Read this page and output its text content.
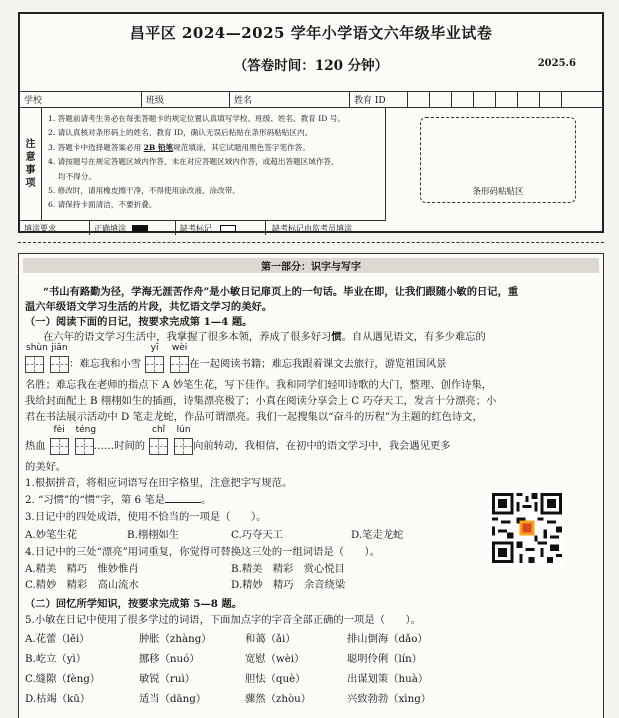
昌平区 2024—2025 学年小学语文六年级毕业试卷
（答卷时间：120 分钟）	2025.6
学校	班级	姓名	教育 ID
注
意
事
项
1. 答题前请考生务必在每张答题卡的规定位置认真填写学校、班级、姓名、教育 ID 号。
2. 请认真核对条形码上的姓名、教育 ID，确认无误后粘贴在条形码粘贴区内。
3. 答题卡中选择题答案必用 2B 铅笔规范填涂，其它试题用黑色签字笔作答。
4. 请按题号在规定答题区域内作答，未在对应答题区域内作答，或超出答题区域作答，
均不得分。
5. 修改时，请用橡皮擦干净，不得使用涂改液、涂改带。
6. 请保持卡面清洁，不要折叠。
条形码粘贴区
填涂要求	正确填涂	缺考标记	缺考标记由监考员填涂
第一部分：识字与写字
“书山有路勤为径，学海无涯苦作舟”是小敏日记扉页上的一句话。毕业在即，让我们跟随小敏的日记，重
温六年级语文学习生活的片段，共忆语文学习的美好。
（一）阅读下面的日记，按要求完成第 1—4 题。
在六年的语文学习生活中，我掌握了很多本领，养成了很多好习惯。自从遇见语文，有多少难忘的
shùn jiān
：难忘我和小雪
yī	wèi
在一起阅读书籍；难忘我跟着课文去旅行，游览祖国风景
名胜；难忘我在老师的指点下 A 妙笔生花，写下佳作。我和同学们轻叩诗歌的大门，整理、创作诗集，
我给封面配上 B 栩栩如生的插画，诗集漂亮极了；小真在阅读分享会上 C 巧夺天工，发言十分漂亮；小
君在书法展示活动中 D 笔走龙蛇，作品可谓漂亮。我们一起搜集以“奋斗的历程”为主题的红色诗文，
热血
fèi	téng
……时间的
chǐ lún
向前转动，我相信，在初中的语文学习中，我会遇见更多
的美好。
1.根据拼音，将相应词语写在田字格里，注意把字写规范。
2. “习惯”的“惯”字，第 6 笔是	。
3.日记中的四处成语，使用不恰当的一项是（　　）。
A.妙笔生花	B.栩栩如生	C.巧夺天工	D.笔走龙蛇
4.日记中的三处“漂亮”用词重复，你觉得可替换这三处的一组词语是（　　）。
A.精美　精巧　惟妙惟肖	B.精美　精彩　赏心悦目
C.精妙　精彩　高山流水	D.精妙　精巧　余音绕梁
（二）回忆所学知识，按要求完成第 5—8 题。
5.小敏在日记中使用了很多学过的词语，下面加点字的字音全部正确的一项是（　　）。
A.花蕾（lěi）	肿胀（zhàng）	和蔼（ǎi）	排山倒海（dǎo）
B.屹立（yì）	挪移（nuó）	宽慰（wèi）	聪明伶俐（lín）
C.缝隙（fèng）	敏锐（ruì）	胆怯（què）	出谋划策（huà）
D.枯竭（kū）	适当（dāng）	骤然（zhòu）	兴致勃勃（xìng）
